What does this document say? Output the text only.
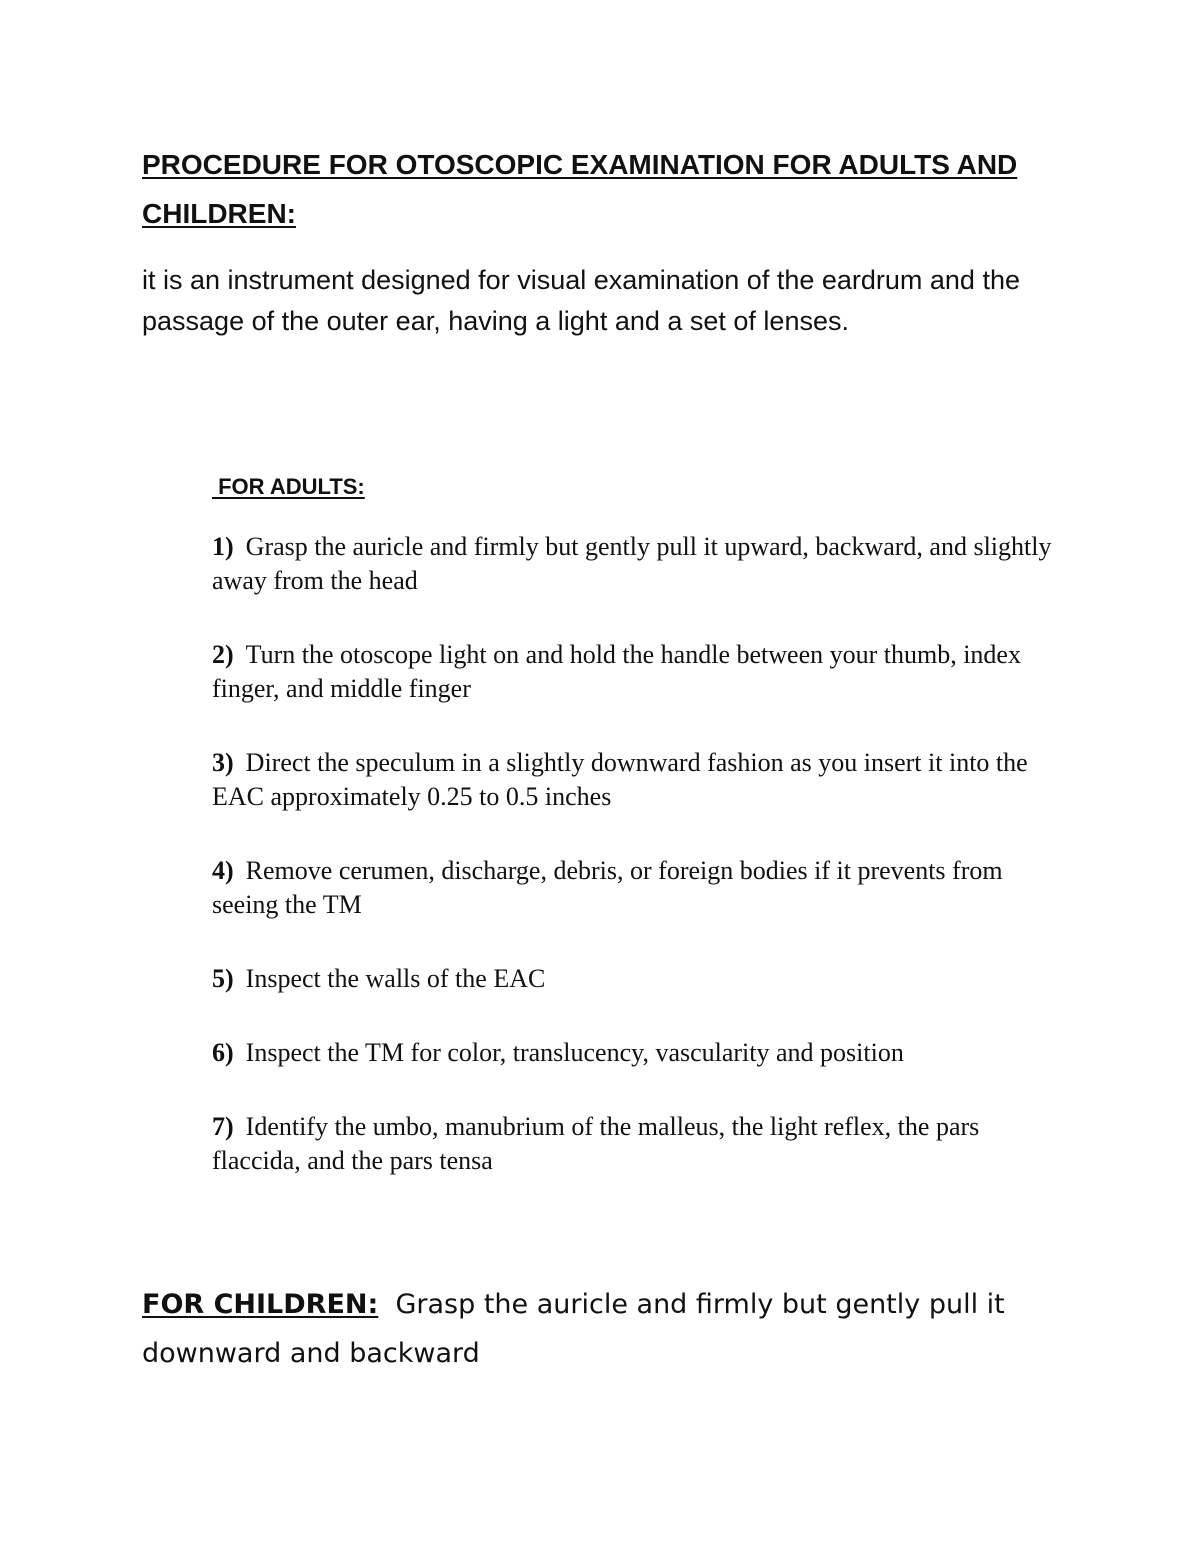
PROCEDURE FOR OTOSCOPIC EXAMINATION FOR ADULTS AND CHILDREN:

it is an instrument designed for visual examination of the eardrum and the passage of the outer ear, having a light and a set of lenses.

FOR ADULTS:
1) Grasp the auricle and firmly but gently pull it upward, backward, and slightly away from the head
2) Turn the otoscope light on and hold the handle between your thumb, index finger, and middle finger
3) Direct the speculum in a slightly downward fashion as you insert it into the EAC approximately 0.25 to 0.5 inches
4) Remove cerumen, discharge, debris, or foreign bodies if it prevents from seeing the TM
5) Inspect the walls of the EAC
6) Inspect the TM for color, translucency, vascularity and position
7) Identify the umbo, manubrium of the malleus, the light reflex, the pars flaccida, and the pars tensa

FOR CHILDREN: Grasp the auricle and firmly but gently pull it downward and backward
